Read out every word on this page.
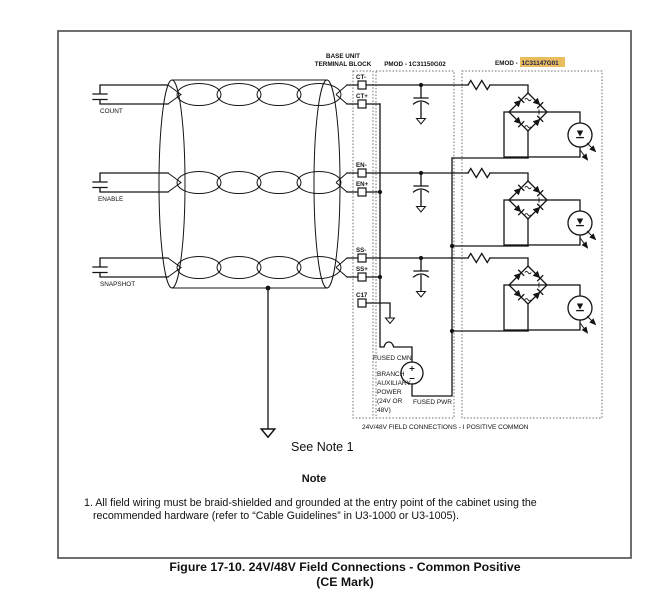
BASE UNIT
TERMINAL BLOCK PMOD - 1C31150G02	EMOD - 1C31147G01
COUNT
CT-
CT+
ENABLE
EN-
EN+
SNAPSHOT
SS-
SS+
C17
FUSED CMN
BRANCH
AUXILIARY
POWER
(24V OR
48V)
FUSED PWR
24V/48V FIELD CONNECTIONS - I POSITIVE COMMON
See Note 1
Note
1. All field wiring must be braid-shielded and grounded at the entry point of the cabinet using the
recommended hardware (refer to “Cable Guidelines” in U3-1000 or U3-1005).
Figure 17-10. 24V/48V Field Connections - Common Positive
(CE Mark)
